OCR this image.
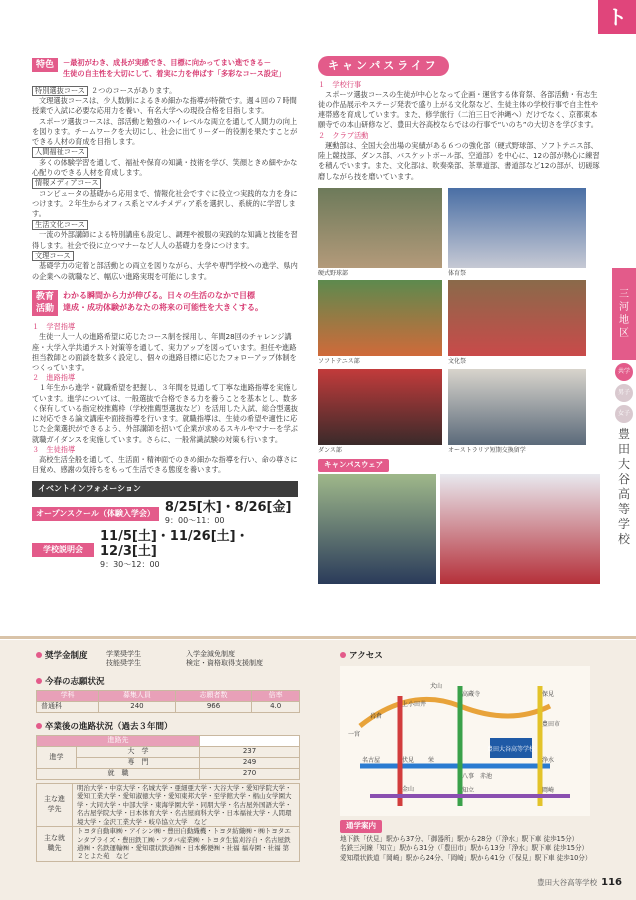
ト
三
河
地
区
共学
男子
女子
豊
田
大
谷
高
等
学
校
特色	－最初がわき、成長が実感でき、目標に向かってまい進できる－
生徒の自主性を大切にして、着実に力を伸ばす「多彩なコース設定」

特別選抜コース ２つのコースがあります。

文理選抜コースは、少人数制によるきめ細かな指導が特徴です。週４回の７時間授業で入試に必要な応用力を養い、有名大学への現役合格を目指します。

スポーツ選抜コースは、部活動と勉強のハイレベルな両立を通して人間力の向上を図ります。チームワークを大切にし、社会に出てリーダー的役割を果たすことができる人材の育成を目指します。

人間福祉コース

多くの体験学習を通して、福祉や保育の知識・技術を学び、笑顔ときめ細やかな心配りのできる人材を育成します。

情報メディアコース

コンピュータの基礎から応用まで、情報化社会ですぐに役立つ実践的な力を身につけます。２年生からオフィス系とマルチメディア系を選択し、系統的に学習します。

生活文化コース

一流の外部講師による特別講座も設定し、調理や被服の実践的な知識と技能を習得します。社会で役に立つマナーなど人人の基礎力を身につけます。

文理コース

基礎学力の定着と部活動との両立を図りながら、大学や専門学校への進学、県内の企業への就職など、幅広い進路実現を可能にします。

教育活動
わかる瞬間から力が伸びる。日々の生活のなかで目標
達成・成功体験があなたの将来の可能性を大きくする。

１　学習指導

生徒一人一人の進路希望に応じたコース制を採用し、年間28回のチャレンジ講座・大学入学共通テスト対策等を通して、実力アップを図っています。担任や進路担当教師との面談を数多く設定し、個々の進路目標に応じたフォローアップ体制をつくっています。

２　進路指導

１年生から進学・就職希望を把握し、３年間を見通して丁寧な進路指導を実施しています。進学については、一般選抜で合格できる力を養うことを基本とし、数多く保有している指定校推薦枠（学校推薦型選抜など）を活用した入試、総合型選抜に対応できる論文講座や面接指導を行います。就職指導は、生徒の希望や適性に応じた企業選択ができるよう、外部講師を招いて企業が求めるスキルやマナーを学ぶ就職ガイダンスを実施しています。さらに、一般常識試験の対策も行います。

３　生徒指導

高校生活全般を通して、生活面・精神面でのきめ細かな指導を行い、命の尊さに目覚め、感謝の気持ちをもって生活できる態度を養います。

イベントインフォメーション
オープンスクール（体験入学会） 8/25[木]・8/26[金]
9：00～11：00
学校説明会
11/5[土]・11/26[土]・12/3[土]
9：30～12：00
キャンパスライフ

１　学校行事

スポーツ選抜コースの生徒が中心となって企画・運営する体育祭、各部活動・有志生徒の作品展示やステージ発表で盛り上がる文化祭など、生徒主体の学校行事で自主性や連帯感を育成しています。また、修学旅行（二泊三日で沖縄へ）だけでなく、京都東本願寺での本山研修など、豊田大谷高校ならではの行事で“いのち”の大切さを学びます。

２　クラブ活動

運動部は、全国大会出場の実績がある６つの強化部（硬式野球部、ソフトテニス部、陸上競技部、ダンス部、バスケットボール部、空道部）を中心に、12の部が熱心に練習を積んでいます。また、文化部は、吹奏楽部、茶華道部、書道部など12の部が、切磋琢磨しながら技を磨いています。

硬式野球部	体育祭
ソフトテニス部	文化祭
ダンス部	オーストラリア短期交換留学
キャンパスウェア
奨学金制度	学業奨学生	入学金減免制度
技能奨学生	検定・資格取得支援制度
今春の志願状況
学科	募集人員	志願者数	倍率
普通科	240	966	4.0
卒業後の進路状況（過去３年間）
進路先		
進学	大　学	237
	専　門	249
就　職		270
主な進学先	明治大学・中京大学・名城大学・亜細亜大学・大谷大学・愛知学院大学・愛知工業大学・愛知淑徳大学・愛知東邦大学・至学館大学・椙山女学園大学・大同大学・中部大学・東海学園大学・同朋大学・名古屋外国語大学・名古屋学院大学・日本体育大学・名古屋商科大学・日本福祉大学・人間環境大学・金沢工業大学・岐阜協立大学　など
主な就職先	トヨタ自動車㈱・アイシン㈱・豊田自動織機・トヨタ紡織㈱・㈱トヨタエンタプライズ・豊田鉄工㈱・フタバ産業㈱・トヨタ生協刈谷自・名古屋鉄道㈱・名鉄運輸㈱・愛知環状鉄道㈱・日本郵便㈱・社福 福寿園・社福 第２とよた苑　など
アクセス
豊田大谷高等学校
伏見 栄
名古屋
金山
八事 赤池
豊田市
浄水
知立	岡崎
保見
高蔵寺
上小田井
犬山
岩倉
一宮
通学案内
地下鉄「伏見」駅から37分、「御器所」駅から28分（「浄水」駅下車 徒歩15分）
名鉄三河線「知立」駅から31分（「豊田市」駅から13分「浄水」駅下車 徒歩15分）
愛知環状鉄道「岡崎」駅から24分、「岡崎」駅から41分（「保見」駅下車 徒歩10分）
豊田大谷高等学校 116
